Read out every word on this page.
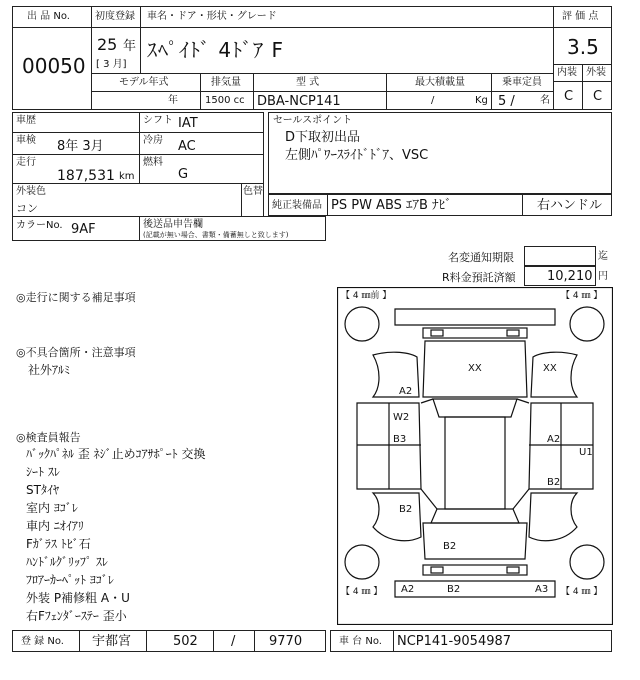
出 品 No.
00050
初度登録
25 年
[ 3 月]
車名・ドア・形状・グレード
ｽﾍﾟｲﾄﾞ 4ﾄﾞｱ F
評 価 点
3.5
内装 外装
C C
モデル年式
年
排気量
1500 cc
型 式
DBA-NCP141
最大積載量
/	Kg
乗車定員
5 /	名
車歴	シフト IAT
車検 8年 3月	冷房 AC
走行
187,531 km
燃料
G
外装色
コン
色替
カラーNo. 9AF	後送品申告欄
(記載が無い場合、書類・備蓄無しと致します)
セールスポイント
D下取初出品
左側ﾊﾟﾜｰｽﾗｲﾄﾞﾄﾞｱ、VSC
純正装備品 PS PW ABS ｴｱB ﾅﾋﾞ	右ハンドル
名変通知期限	迄
R料金預託済額 10,210 円
◎走行に関する補足事項
◎不具合箇所・注意事項
社外ｱﾙﾐ
◎検査員報告
ﾊﾞｯｸﾊﾟﾈﾙ 歪 ﾈｼﾞ止めｺｱｻﾎﾟｰﾄ 交換
ｼｰﾄ ｽﾚ
STﾀｲﾔ
室内 ﾖｺﾞﾚ
車内 ﾆｵｲｱﾘ
Fｶﾞﾗｽ ﾄﾋﾞ石
ﾊﾝﾄﾞﾙｸﾞﾘｯﾌﾟ ｽﾚ
ﾌﾛｱｰｶｰﾍﾟｯﾄ ﾖｺﾞﾚ
外装 P補修粗 A・U
右Fﾌｪﾝﾀﾞｰｽﾃｰ 歪小
【 4 ㎜前 】	【 4 ㎜ 】
【 4 ㎜ 】	【 4 ㎜ 】
XX	XX
A2
W2
B3	A2
U1
B2
B2
B2
A2	B2	A3
登 録 No. 宇都宮	502	/	9770	車 台 No. NCP141-9054987
